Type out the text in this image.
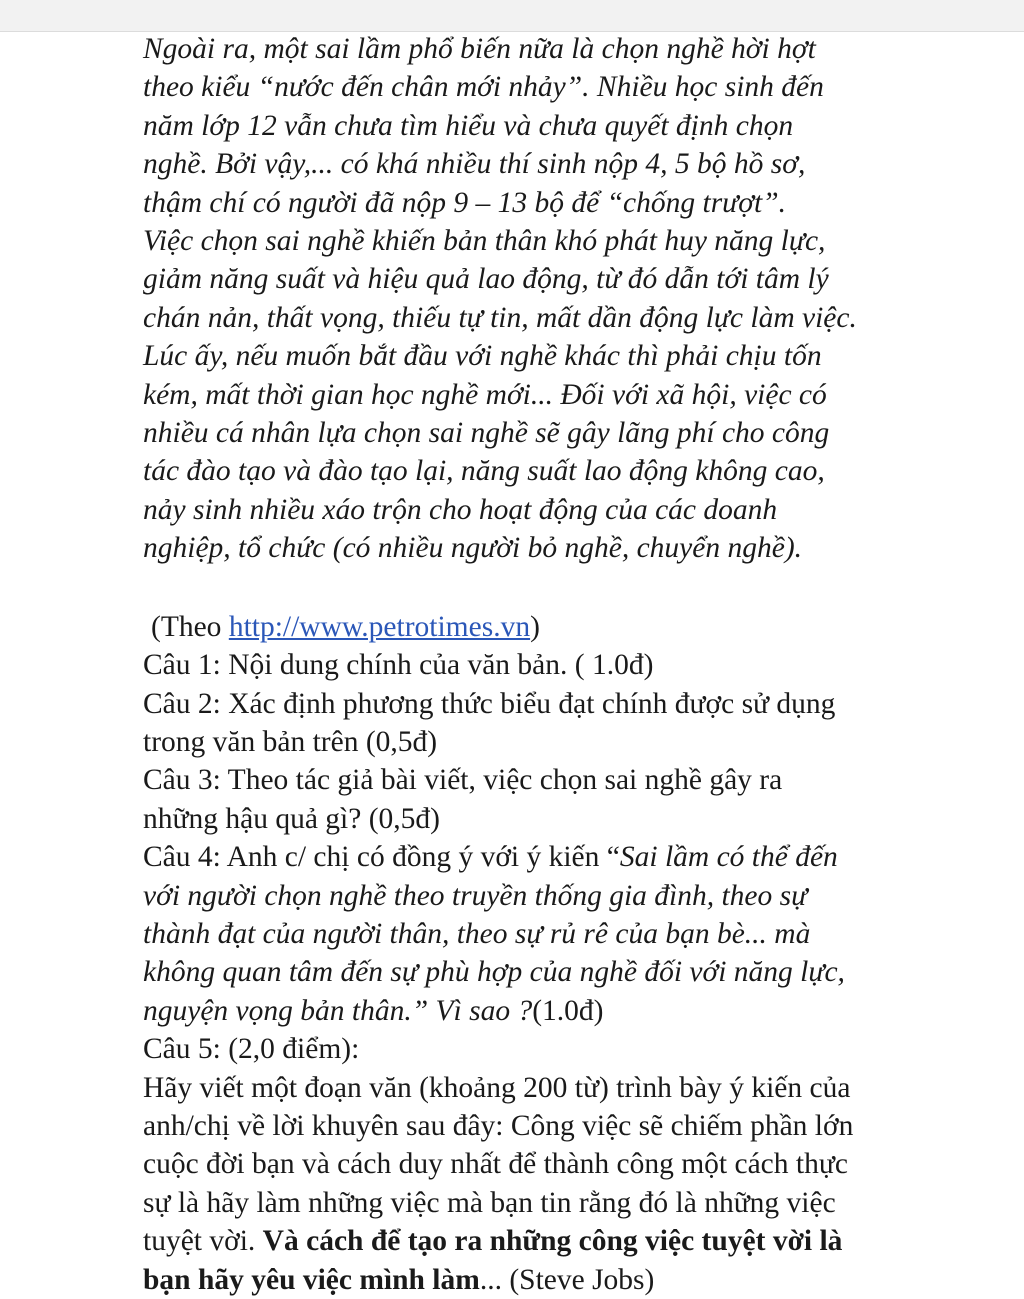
Ngoài ra, một sai lầm phổ biến nữa là chọn nghề hời hợt
theo kiểu “nước đến chân mới nhảy”. Nhiều học sinh đến
năm lớp 12 vẫn chưa tìm hiểu và chưa quyết định chọn
nghề. Bởi vậy,... có khá nhiều thí sinh nộp 4, 5 bộ hồ sơ,
thậm chí có người đã nộp 9 – 13 bộ để “chống trượt”.
Việc chọn sai nghề khiến bản thân khó phát huy năng lực,
giảm năng suất và hiệu quả lao động, từ đó dẫn tới tâm lý
chán nản, thất vọng, thiếu tự tin, mất dần động lực làm việc.
Lúc ấy, nếu muốn bắt đầu với nghề khác thì phải chịu tốn
kém, mất thời gian học nghề mới... Đối với xã hội, việc có
nhiều cá nhân lựa chọn sai nghề sẽ gây lãng phí cho công
tác đào tạo và đào tạo lại, năng suất lao động không cao,
nảy sinh nhiều xáo trộn cho hoạt động của các doanh
nghiệp, tổ chức (có nhiều người bỏ nghề, chuyển nghề).
(Theo http://www.petrotimes.vn)
Câu 1: Nội dung chính của văn bản. ( 1.0đ)
Câu 2: Xác định phương thức biểu đạt chính được sử dụng
trong văn bản trên (0,5đ)
Câu 3: Theo tác giả bài viết, việc chọn sai nghề gây ra
những hậu quả gì? (0,5đ)
Câu 4: Anh c/ chị có đồng ý với ý kiến “Sai lầm có thể đến
với người chọn nghề theo truyền thống gia đình, theo sự
thành đạt của người thân, theo sự rủ rê của bạn bè... mà
không quan tâm đến sự phù hợp của nghề đối với năng lực,
nguyện vọng bản thân.” Vì sao ?(1.0đ)
Câu 5: (2,0 điểm):
Hãy viết một đoạn văn (khoảng 200 từ) trình bày ý kiến của
anh/chị về lời khuyên sau đây: Công việc sẽ chiếm phần lớn
cuộc đời bạn và cách duy nhất để thành công một cách thực
sự là hãy làm những việc mà bạn tin rằng đó là những việc
tuyệt vời. Và cách để tạo ra những công việc tuyệt vời là
bạn hãy yêu việc mình làm... (Steve Jobs)
